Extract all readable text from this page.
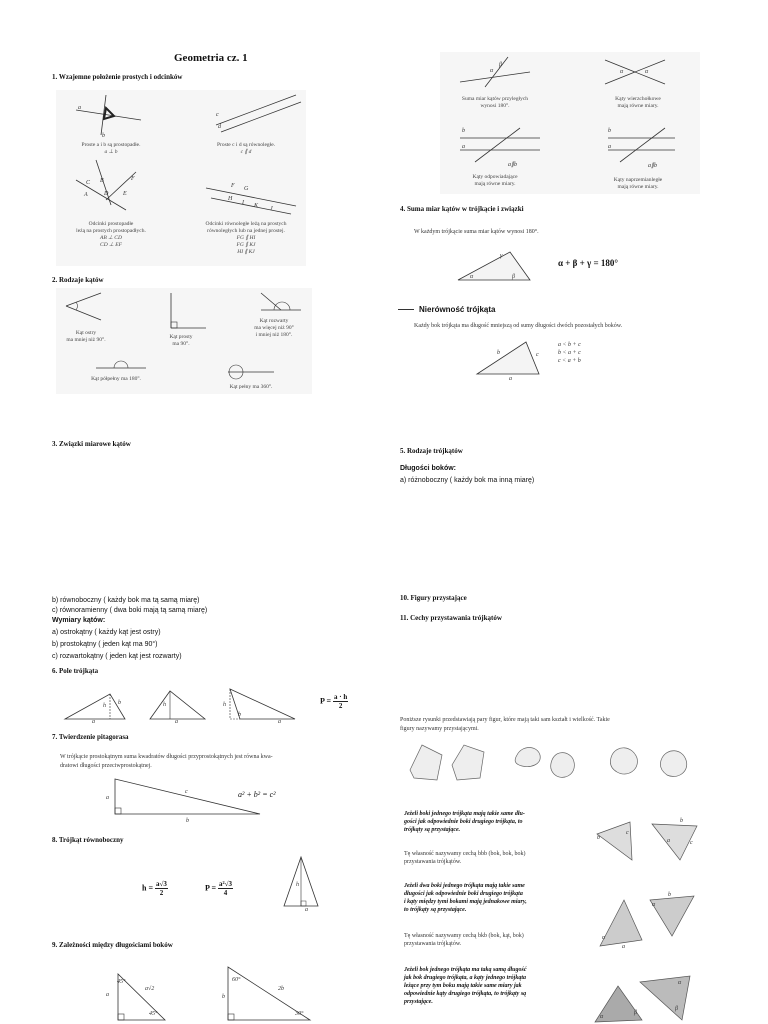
Geometria cz. 1
1. Wzajemne położenie prostych i odcinków
a
b
c
d
Proste a i b są prostopadłe.
a ⊥ b
Proste c i d są równoległe.
c ∥ d
C B
A	D E
F
F G
H
I K J
Odcinki prostopadłe
leżą na prostych prostopadłych.
AB ⊥ CD
CD ⊥ EF
Odcinki równoległe leżą na prostych
równoległych lub na jednej prostej.
FG ∥ HI
FG ∥ KJ
HI ∥ KJ
2. Rodzaje kątów
Kąt ostry
ma mniej niż 90°.	Kąt prosty
ma 90°.
Kąt rozwarty
ma więcej niż 90°
i mniej niż 180°.
Kąt półpełny ma 180°.
Kąt pełny ma 360°.
3. Związki miarowe kątów
b) równoboczny ( każdy bok ma tą samą miarę)
c) równoramienny ( dwa boki mają tą samą miarę)
Wymiary kątów:
a) ostrokątny ( każdy kąt jest ostry)
b) prostokątny ( jeden kąt ma 90°)
c) rozwartokątny ( jeden kąt jest rozwarty)
6. Pole trójkąta
h b
a
h
a
h
b
a
$P = \frac{a \cdot h}{2}$
7. Twierdzenie pitagorasa
W trójkącie prostokątnym suma kwadratów długości przyprostokątnych jest równa kwa-
dratowi długości przeciwprostokątnej.
a
c
b
a² + b² = c²
8. Trójkąt równoboczny
$h = \frac{a√3}{2}$	$P = \frac{\text{a²√3}}{4}$	h
a
9. Zależności między długościami boków
45°
a
a√2
45°
60°
2b
b
30°
α
β
α	α
Suma miar kątów przyległych
wynosi 180°.
Kąty wierzchołkowe
mają równe miary.
b
a
a∥b
b
a
a∥b
Kąty odpowiadające
mają równe miary.
Kąty naprzemianległe
mają równe miary.
4. Suma miar kątów w trójkącie i związki
W każdym trójkącie suma miar kątów wynosi 180°.
α	β
γ
α + β + γ = 180°
Nierówność trójkąta
Każdy bok trójkąta ma długość mniejszą od sumy długości dwóch pozostałych boków.
b	c
a
a < b + c
b < a + c
c < a + b
5. Rodzaje trójkątów
Długości boków:
a) różnoboczny ( każdy bok ma inną miarę)
10. Figury przystające
11. Cechy przystawania trójkątów
Poniższe rysunki przedstawiają pary figur, które mają taki sam kształt i wielkość. Takie
figury nazywamy przystającymi.
Jeżeli boki jednego trójkąta mają takie same dłu-
gości jak odpowiednie boki drugiego trójkąta, to
trójkąty są przystające.
Tę własność nazywamy cechą bbb (bok, bok, bok)
przystawania trójkątów.
b
c
b
a	c
Jeżeli dwa boki jednego trójkąta mają takie same
długości jak odpowiednie boki drugiego trójkąta
i kąty między tymi bokami mają jednakowe miary,
to trójkąty są przystające.
Tę własność nazywamy cechą bkb (bok, kąt, bok)
przystawania trójkątów.
α
a
α
b
Jeżeli bok jednego trójkąta ma taką samą długość
jak bok drugiego trójkąta, a kąty jednego trójkąta
leżące przy tym boku mają takie same miary jak
odpowiednie kąty drugiego trójkąta, to trójkąty są
przystające.
α
β
α
β
